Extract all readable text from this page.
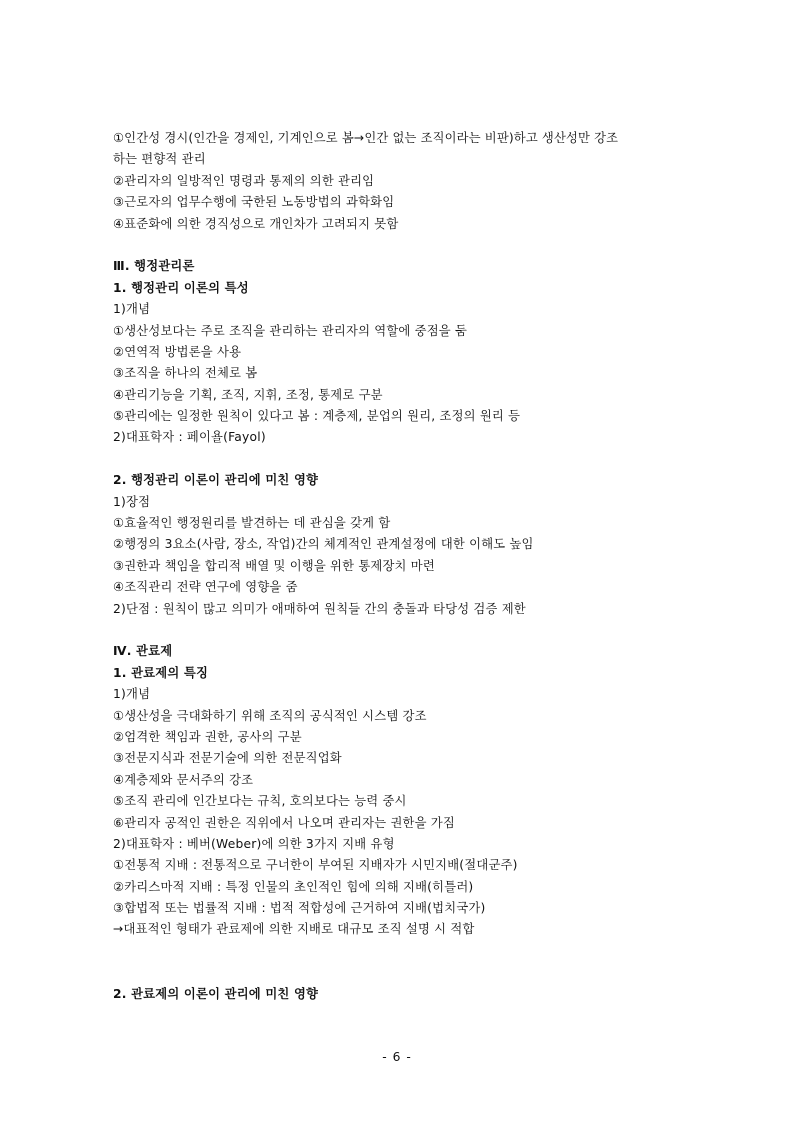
①인간성 경시(인간을 경제인, 기계인으로 봄→인간 없는 조직이라는 비판)하고 생산성만 강조
하는 편향적 관리
②관리자의 일방적인 명령과 통제의 의한 관리임
③근로자의 업무수행에 국한된 노동방법의 과학화임
④표준화에 의한 경직성으로 개인차가 고려되지 못함
Ⅲ. 행정관리론
1. 행정관리 이론의 특성
1)개념
①생산성보다는 주로 조직을 관리하는 관리자의 역할에 중점을 둠
②연역적 방법론을 사용
③조직을 하나의 전체로 봄
④관리기능을 기획, 조직, 지휘, 조정, 통제로 구분
⑤관리에는 일정한 원칙이 있다고 봄 : 계층제, 분업의 원리, 조정의 원리 등
2)대표학자 : 페이욜(Fayol)
2. 행정관리 이론이 관리에 미친 영향
1)장점
①효율적인 행정원리를 발견하는 데 관심을 갖게 함
②행정의 3요소(사람, 장소, 작업)간의 체계적인 관계설정에 대한 이해도 높임
③권한과 책임을 합리적 배열 및 이행을 위한 통제장치 마련
④조직관리 전략 연구에 영향을 줌
2)단점 : 원칙이 많고 의미가 애매하여 원칙들 간의 충돌과 타당성 검증 제한
Ⅳ. 관료제
1. 관료제의 특징
1)개념
①생산성을 극대화하기 위해 조직의 공식적인 시스템 강조
②엄격한 책임과 권한, 공사의 구분
③전문지식과 전문기술에 의한 전문직업화
④계층제와 문서주의 강조
⑤조직 관리에 인간보다는 규칙, 호의보다는 능력 중시
⑥관리자 공적인 권한은 직위에서 나오며 관리자는 권한을 가짐
2)대표학자 : 베버(Weber)에 의한 3가지 지배 유형
①전통적 지배 : 전통적으로 구너한이 부여된 지배자가 시민지배(절대군주)
②카리스마적 지배 : 특정 인물의 초인적인 힘에 의해 지배(히틀러)
③합법적 또는 법률적 지배 : 법적 적합성에 근거하여 지배(법치국가)
→대표적인 형태가 관료제에 의한 지배로 대규모 조직 설명 시 적합
2. 관료제의 이론이 관리에 미친 영향
- 6 -
